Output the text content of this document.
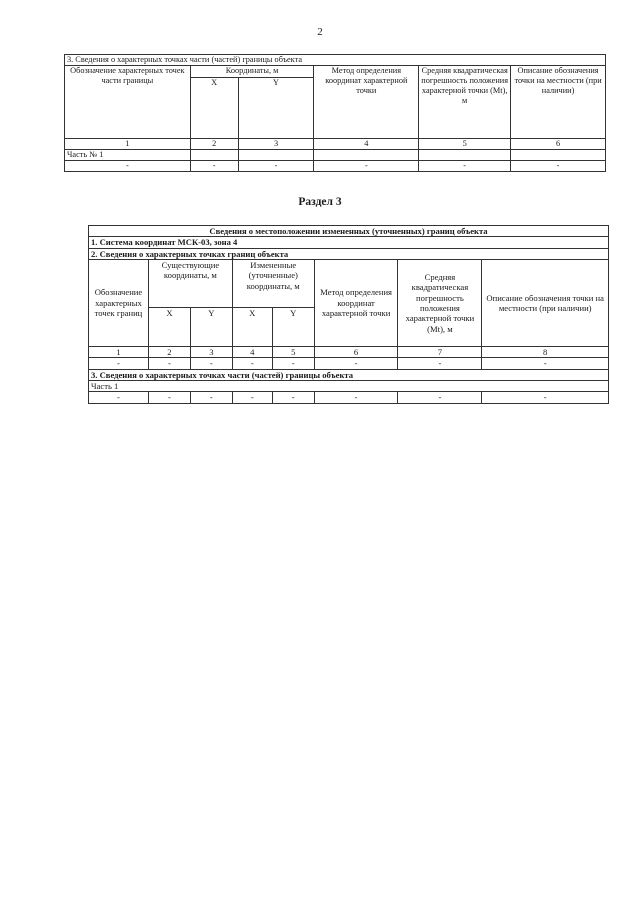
2
3. Сведения о характерных точках части (частей) границы объекта					
Обозначение характерных точек части границы	Координаты, м		Метод определения координат характерной точки	Средняя квадратическая погрешность положения характерной точки (Mt), м	Описание обозначения точки на местности (при наличии)
	X	Y			
1	2	3	4	5	6
Часть № 1					
-	-	-	-	-	-
Раздел 3
Сведения о местоположении измененных (уточненных) границ объекта							
1. Система координат МСК-03, зона 4							
2. Сведения о характерных точках границ объекта							
Обозначение характерных точек границ	Существующие координаты, м		Измененные (уточненные) координаты, м		Метод определения координат характерной точки	Средняя квадратическая погрешность положения характерной точки (Mt), м	Описание обозначения точки на местности (при наличии)
	X	Y	X	Y			
1	2	3	4	5	6	7	8
-	-	-	-	-	-	-	-
3. Сведения о характерных точках части (частей) границы объекта							
Часть 1							
-	-	-	-	-	-	-	-
